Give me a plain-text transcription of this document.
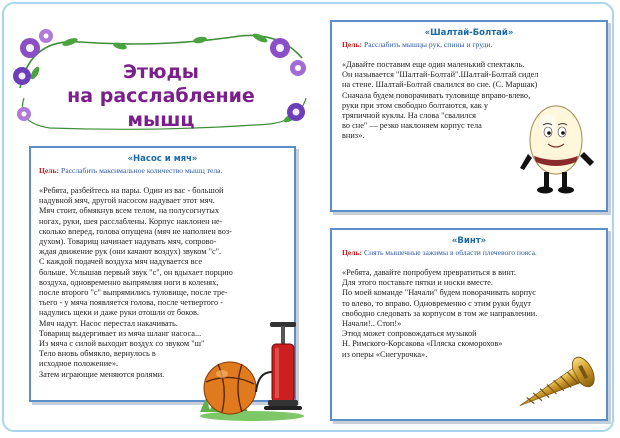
Этюды
на расслабление мышц
«Насос и мяч»
Цель: Расслабить максимальное количество мышц тела.

«Ребята, разбейтесь на пары. Один из вас - большой

надувной мяч, другой насосом надувает этот мяч.

Мяч стоит, обмякнув всем телом, на полусогнутых

ногах, руки, шея расслаблены. Корпус наклонен не-

сколько вперед, голова опущена (мяч не наполнен воз-

духом). Товарищ начинает надувать мяч, сопрово-

ждая движение рук (они качают воздух) звуком "с".

С каждой подачей воздуха мяч надувается все

больше. Услышав первый звук "с", он вдыхает порцию

воздуха, одновременно выпрямляя ноги в коленях,

после второго "с" выпрямились туловище, после тре-

тьего - у мяча появляется голова, после четвертого -

надулись щеки и даже руки отошли от боков.

Мяч надут. Насос перестал накачивать.

Товарищ выдергивает из мяча шланг насоса...

Из мяча с силой выходит воздух со звуком "ш"

Тело вновь обмякло, вернулось в

исходное положение».

Затем играющие меняются ролями.

«Шалтай-Болтай»
Цель: Расслабить мышцы рук, спины и груди.

«Давайте поставим еще один маленький спектакль.

Он называется "Шалтай-Болтай".Шалтай-Болтай сидел

на стене. Шалтай-Болтай свалился во сне. (С. Маршак)

Сначала будем поворачивать туловище вправо-влево,

руки при этом свободно болтаются, как у

тряпичной куклы. На слова "свалился

во сне" — резко наклоняем корпус тела

вниз».

«Винт»
Цель: Снять мышечные зажимы в области плечевого пояса.

«Ребята, давайте попробуем превратиться в винт.

Для этого поставьте пятки и носки вместе.

По моей команде "Начали" будем поворачивать корпус

то влево, то вправо. Одновременно с этим руки будут

свободно следовать за корпусом в том же направлении.

Начали!.. Стоп!»

Этюд может сопровождаться музыкой

Н. Римского-Корсакова «Пляска скоморохов»

из оперы «Снегурочка».
